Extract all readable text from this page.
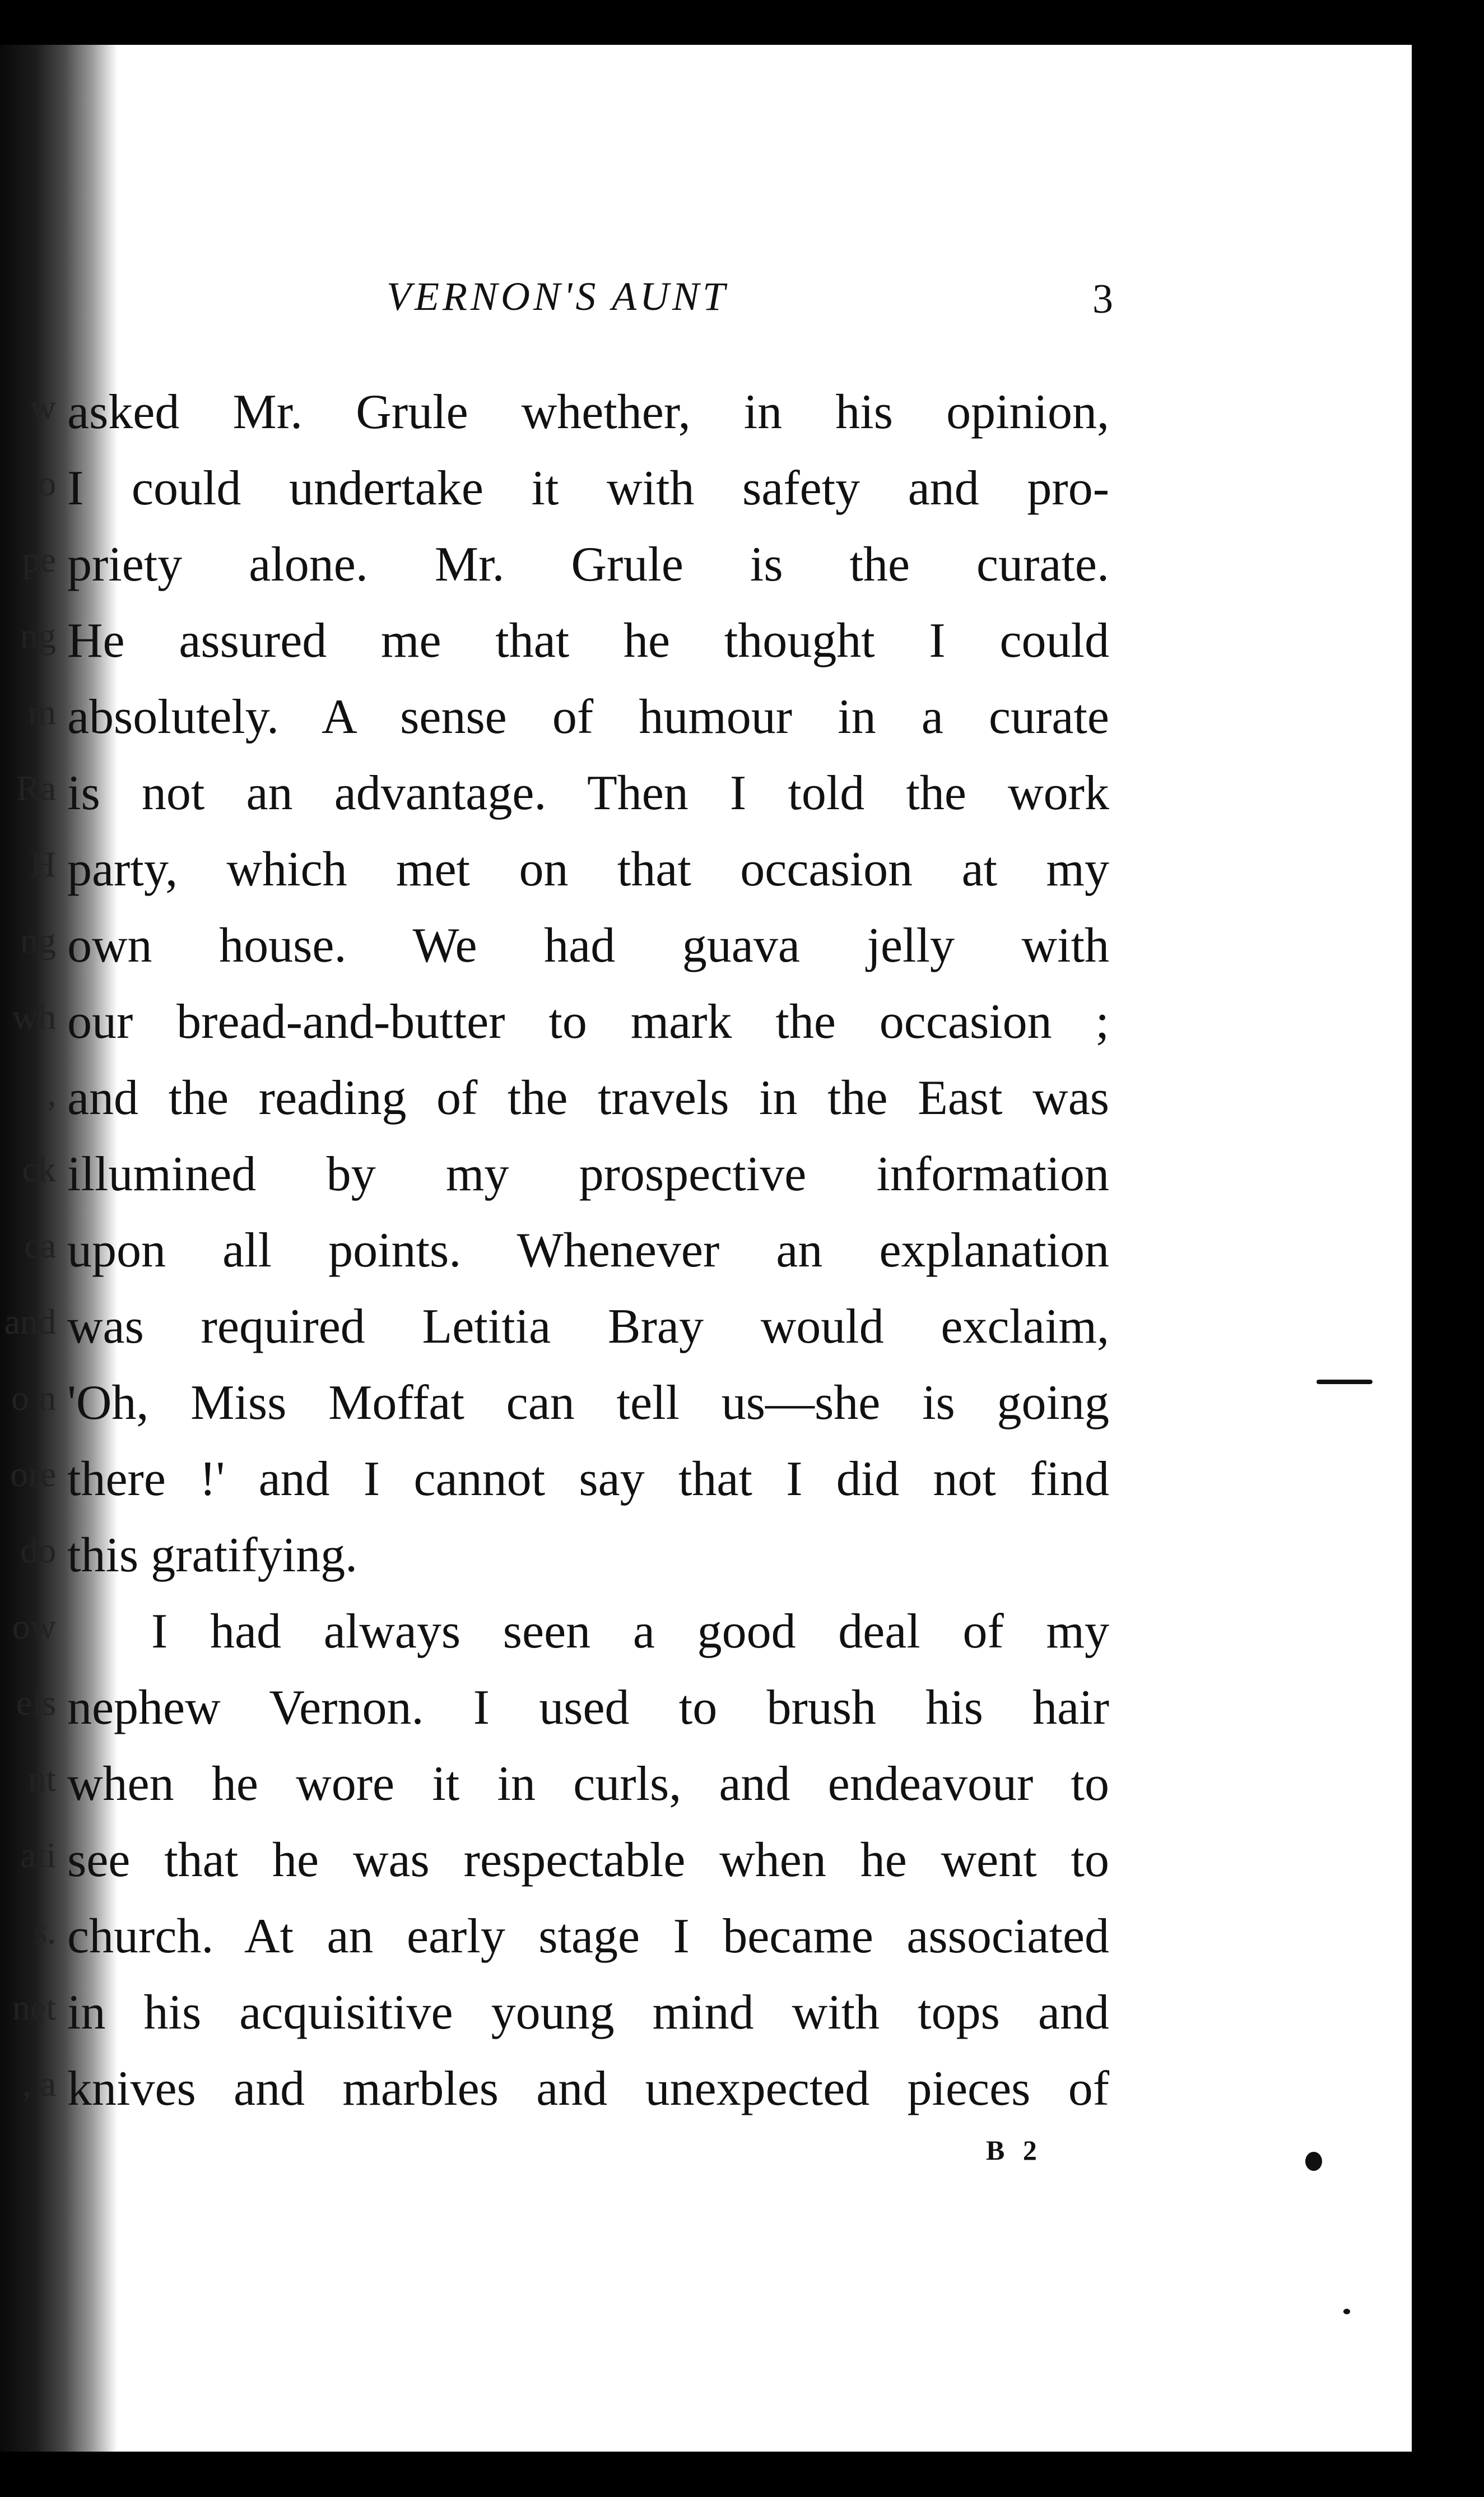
w
o
pe
ng
m
Ra
H
ng
wh
,
ck
ca
and
o n
ore
do
ow
els
nt
ati
s.
net
, a
VERNON'S AUNT	3
asked Mr. Grule whether, in his opinion,
I could undertake it with safety and pro-
priety alone. Mr. Grule is the curate.
He assured me that he thought I could
absolutely. A sense of humour in a curate
is not an advantage. Then I told the work
party, which met on that occasion at my
own house. We had guava jelly with
our bread-and-butter to mark the occasion ;
and the reading of the travels in the East was
illumined by my prospective information
upon all points. Whenever an explanation
was required Letitia Bray would exclaim,
'Oh, Miss Moffat can tell us—she is going
there !' and I cannot say that I did not find
this gratifying.
I had always seen a good deal of my
nephew Vernon. I used to brush his hair
when he wore it in curls, and endeavour to
see that he was respectable when he went to
church. At an early stage I became associated
in his acquisitive young mind with tops and
knives and marbles and unexpected pieces of
B 2
